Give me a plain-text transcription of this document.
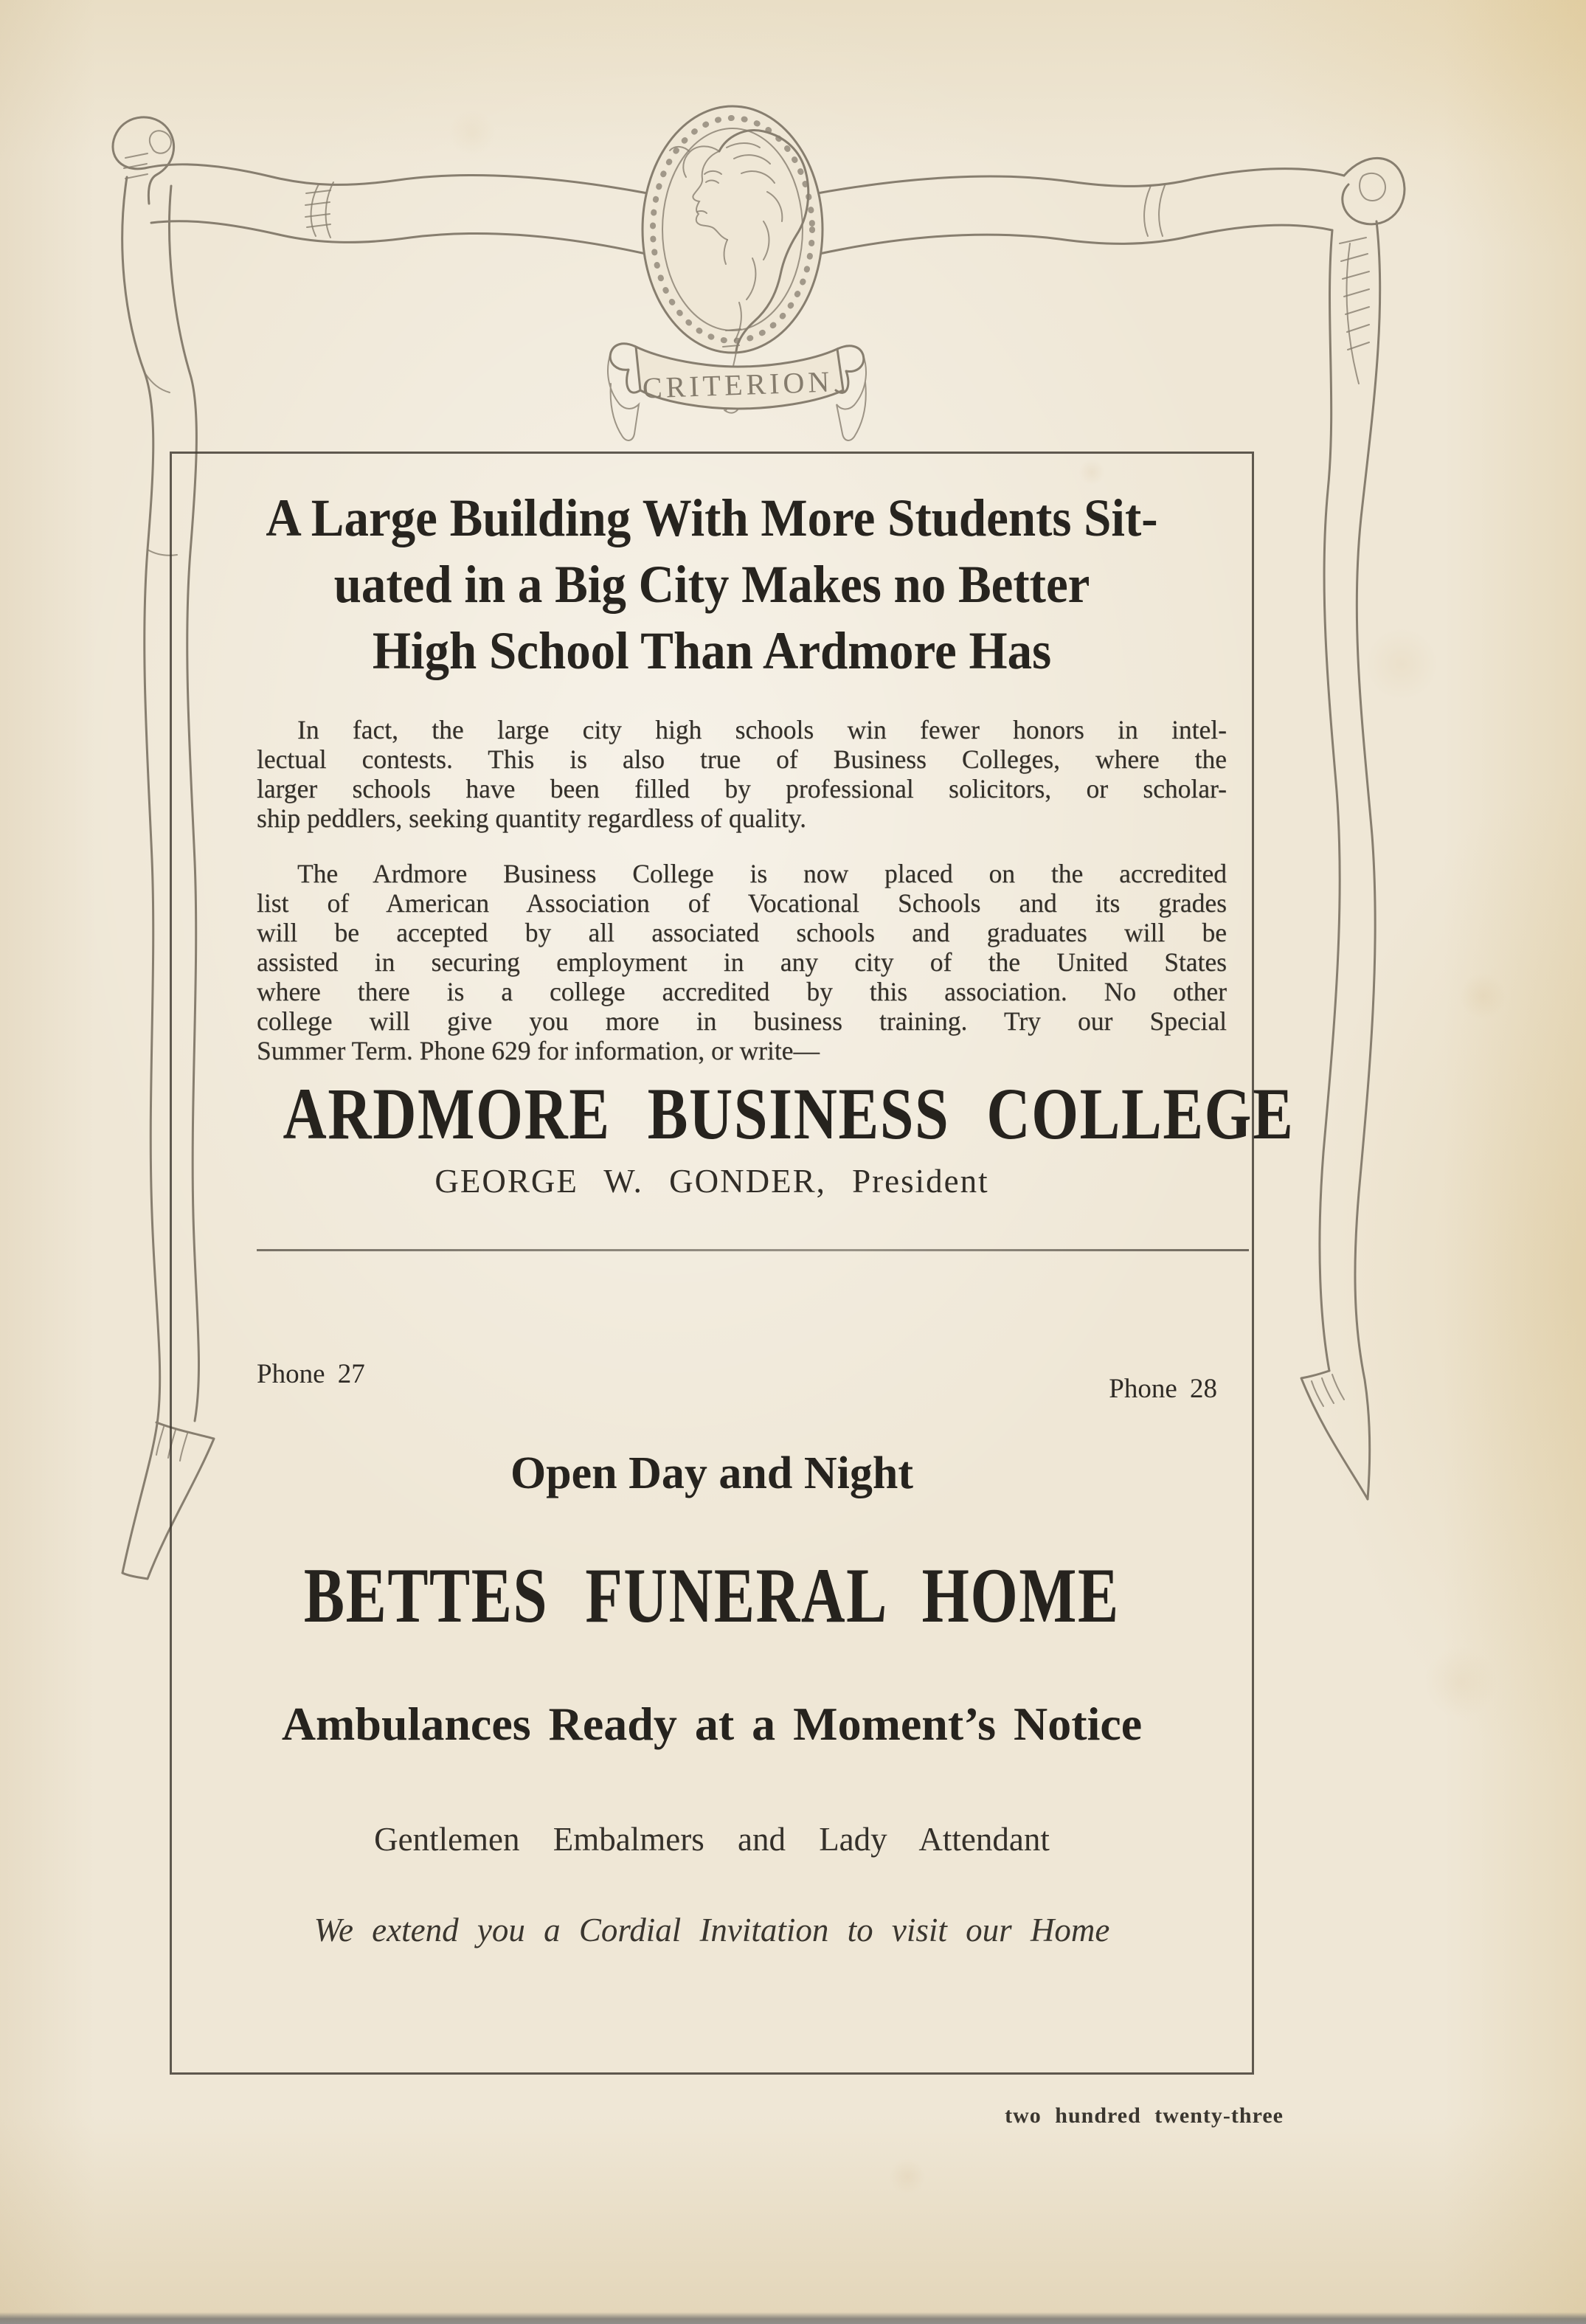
CRITERION
A Large Building With More Students Sit-
uated in a Big City Makes no Better
High School Than Ardmore Has
In fact, the large city high schools win fewer honors in intel-
lectual contests. This is also true of Business Colleges, where the
larger schools have been filled by professional solicitors, or scholar-
ship peddlers, seeking quantity regardless of quality.
The Ardmore Business College is now placed on the accredited
list of American Association of Vocational Schools and its grades
will be accepted by all associated schools and graduates will be
assisted in securing employment in any city of the United States
where there is a college accredited by this association. No other
college will give you more in business training. Try our Special
Summer Term. Phone 629 for information, or write—
ARDMORE BUSINESS COLLEGE
GEORGE W. GONDER, President
Phone 27	Phone 28
Open Day and Night
BETTES FUNERAL HOME
Ambulances Ready at a Moment’s Notice
Gentlemen Embalmers and Lady Attendant
We extend you a Cordial Invitation to visit our Home
two hundred twenty-three
